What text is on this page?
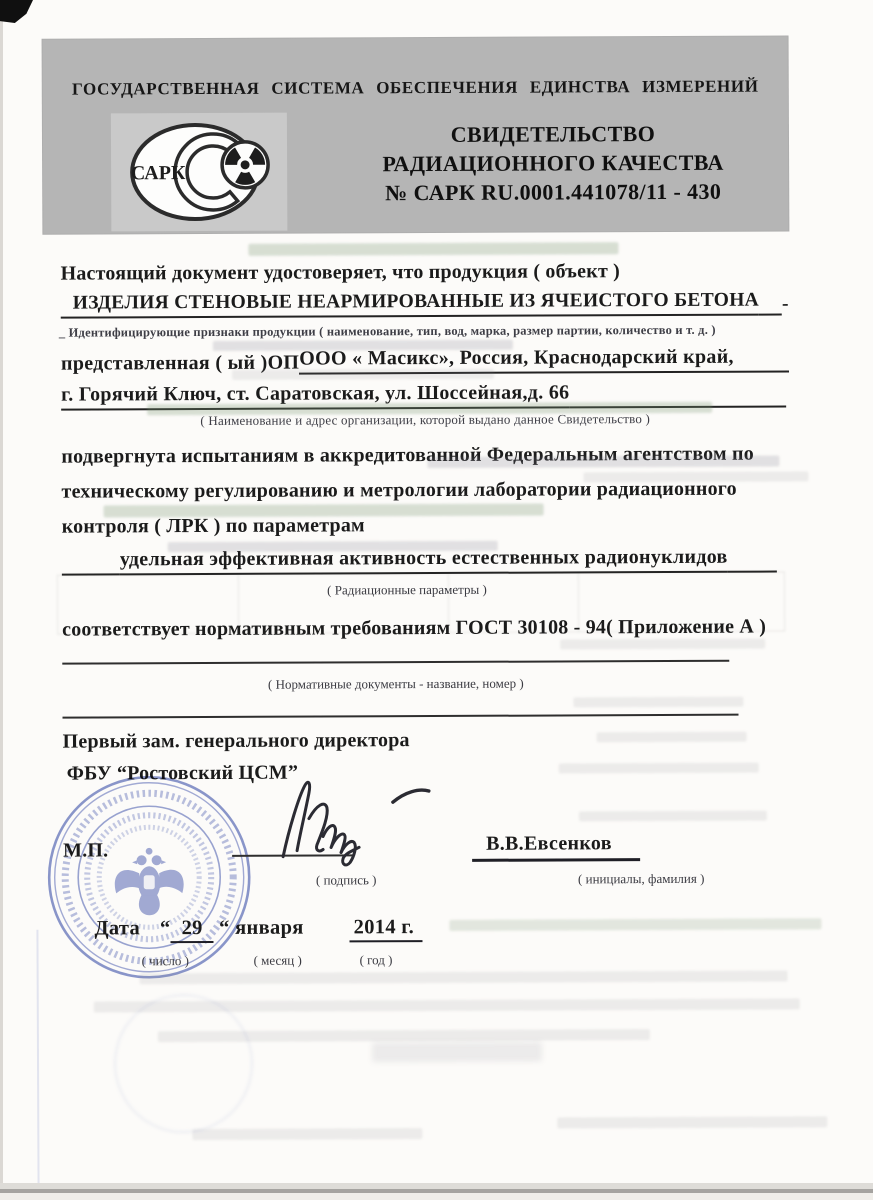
ГОСУДАРСТВЕННАЯ СИСТЕМА ОБЕСПЕЧЕНИЯ ЕДИНСТВА ИЗМЕРЕНИЙ
САРК
СВИДЕТЕЛЬСТВО
РАДИАЦИОННОГО КАЧЕСТВА
№ САРК RU.0001.441078/11 - 430
Настоящий документ удостоверяет, что продукция ( объект )
ИЗДЕЛИЯ СТЕНОВЫЕ НЕАРМИРОВАННЫЕ ИЗ ЯЧЕИСТОГО БЕТОНА -
_ Идентифицирующие признаки продукции ( наименование, тип, вод, марка, размер партии, количество и т. д. )
представленная ( ый )ОП ООО « Масикс», Россия, Краснодарский край,
г. Горячий Ключ, ст. Саратовская, ул. Шоссейная,д. 66
( Наименование и адрес организации, которой выдано данное Свидетельство )
подвергнута испытаниям в аккредитованной Федеральным агентством по
техническому регулированию и метрологии лаборатории радиационного
контроля ( ЛРК ) по параметрам
удельная эффективная активность естественных радионуклидов
( Радиационные параметры )
соответствует нормативным требованиям ГОСТ 30108 - 94( Приложение А )
( Нормативные документы - название, номер )
Первый зам. генерального директора
ФБУ “Ростовский ЦСМ”
М.П.	В.В.Евсенков
( подпись )	( инициалы, фамилия )
Дата “ 29 “ января 2014 г.
( число )	( месяц )	( год )
